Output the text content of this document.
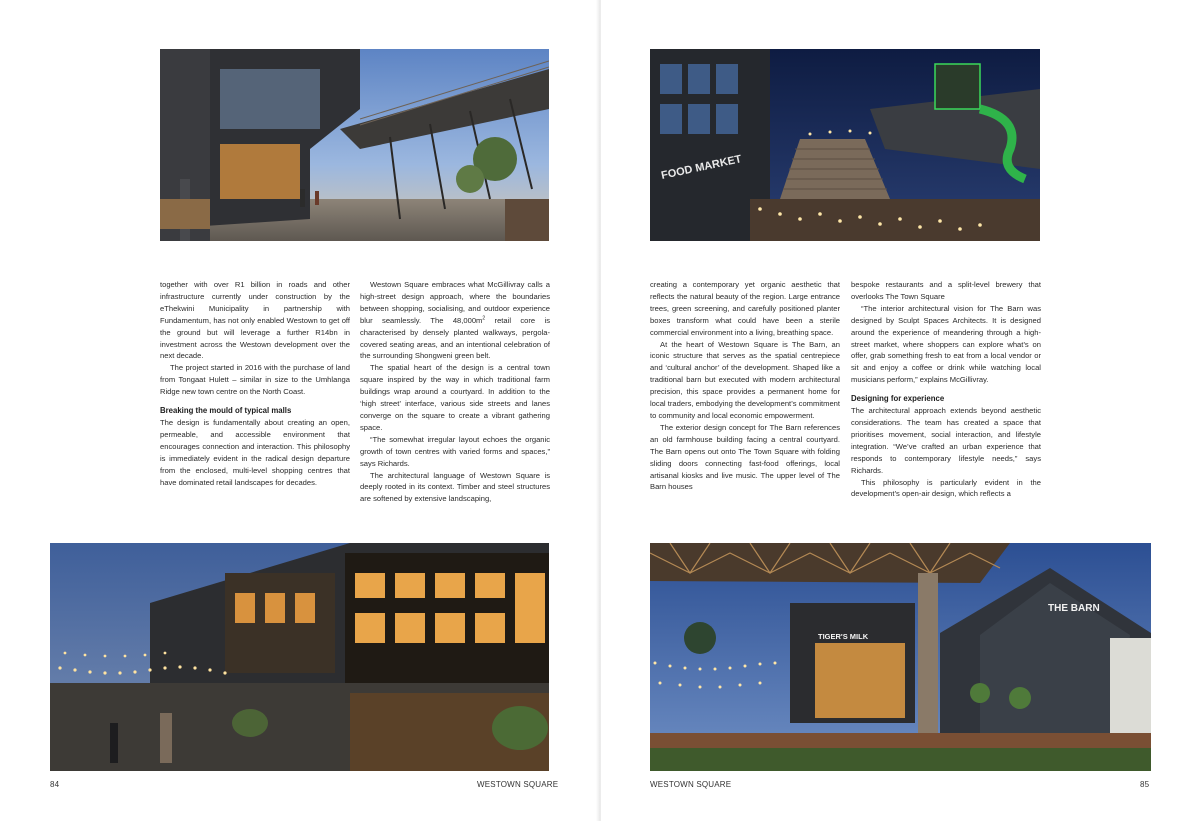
together with over R1 billion in roads and other infrastructure currently under construction by the eThekwini Municipality in partnership with Fundamentum, has not only enabled Westown to get off the ground but will leverage a further R14bn in investment across the Westown development over the next decade.

The project started in 2016 with the purchase of land from Tongaat Hulett – similar in size to the Umhlanga Ridge new town centre on the North Coast.

Breaking the mould of typical malls

The design is fundamentally about creating an open, permeable, and accessible environment that encourages connection and interaction. This philosophy is immediately evident in the radical design departure from the enclosed, multi-level shopping centres that have dominated retail landscapes for decades.

Westown Square embraces what McGillivray calls a high-street design approach, where the boundaries between shopping, socialising, and outdoor experience blur seamlessly. The $48,000m^2$ retail core is characterised by densely planted walkways, pergola-covered seating areas, and an intentional celebration of the surrounding Shongweni green belt.

The spatial heart of the design is a central town square inspired by the way in which traditional farm buildings wrap around a courtyard. In addition to the ‘high street’ interface, various side streets and lanes converge on the square to create a vibrant gathering space.

“The somewhat irregular layout echoes the organic growth of town centres with varied forms and spaces,” says Richards.

The architectural language of Westown Square is deeply rooted in its context. Timber and steel structures are softened by extensive landscaping,

84	WESTOWN SQUARE
FOOD MARKET

creating a contemporary yet organic aesthetic that reflects the natural beauty of the region. Large entrance trees, green screening, and carefully positioned planter boxes transform what could have been a sterile commercial environment into a living, breathing space.

At the heart of Westown Square is The Barn, an iconic structure that serves as the spatial centrepiece and ‘cultural anchor’ of the development. Shaped like a traditional barn but executed with modern architectural precision, this space provides a permanent home for local traders, embodying the development’s commitment to community and local economic empowerment.

The exterior design concept for The Barn references an old farmhouse building facing a central courtyard. The Barn opens out onto The Town Square with folding sliding doors connecting fast-food offerings, local artisanal kiosks and live music. The upper level of The Barn houses

bespoke restaurants and a split-level brewery that overlooks The Town Square

“The interior architectural vision for The Barn was designed by Sculpt Spaces Architects. It is designed around the experience of meandering through a high-street market, where shoppers can explore what’s on offer, grab something fresh to eat from a local vendor or sit and enjoy a coffee or drink while watching local musicians perform,” explains McGillivray.

Designing for experience

The architectural approach extends beyond aesthetic considerations. The team has created a space that prioritises movement, social interaction, and lifestyle integration. “We’ve crafted an urban experience that responds to contemporary lifestyle needs,” says Richards.

This philosophy is particularly evident in the development’s open-air design, which reflects a

THE BARN
TIGER'S MILK
WESTOWN SQUARE	85
